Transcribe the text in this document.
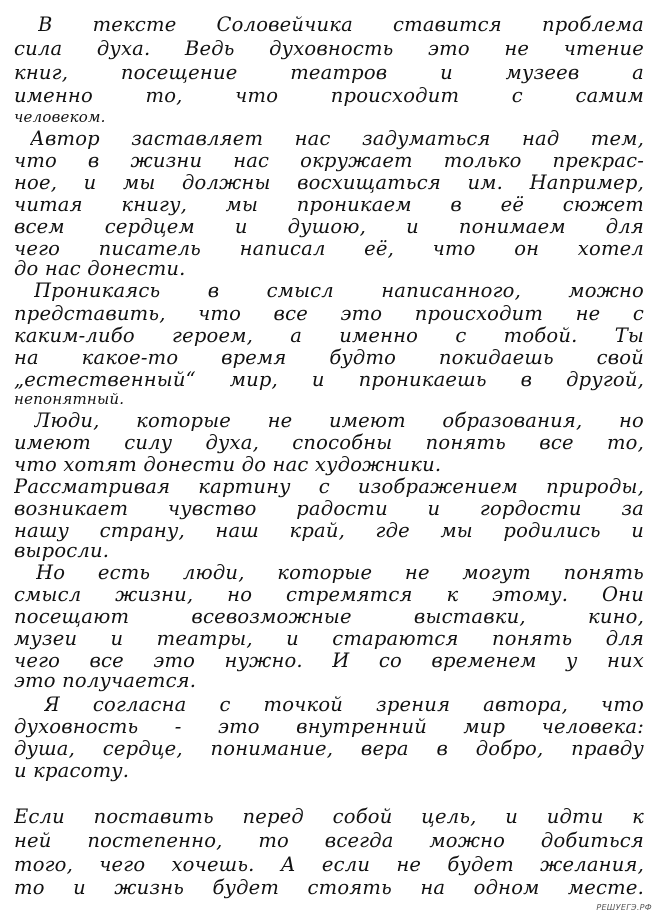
В тексте Соловейчика ставится проблема
сила духа. Ведь духовность это не чтение
книг, посещение театров и музеев а
именно то, что происходит с самим
человеком.
Автор заставляет нас задуматься над тем,
что в жизни нас окружает только прекрас-
ное, и мы должны восхищаться им. Например,
читая книгу, мы проникаем в её сюжет
всем сердцем и душою, и понимаем для
чего писатель написал её, что он хотел
до нас донести.
Проникаясь в смысл написанного, можно
представить, что все это происходит не с
каким-либо героем, а именно с тобой. Ты
на какое-то время будто покидаешь свой
„естественный“ мир, и проникаешь в другой,
непонятный.
Люди, которые не имеют образования, но
имеют силу духа, способны понять все то,
что хотят донести до нас художники.
Рассматривая картину с изображением природы,
возникает чувство радости и гордости за
нашу страну, наш край, где мы родились и
выросли.
Но есть люди, которые не могут понять
смысл жизни, но стремятся к этому. Они
посещают всевозможные выставки, кино,
музеи и театры, и стараются понять для
чего все это нужно. И со временем у них
это получается.
Я согласна с точкой зрения автора, что
духовность - это внутренний мир человека:
душа, сердце, понимание, вера в добро, правду
и красоту.
Если поставить перед собой цель, и идти к
ней постепенно, то всегда можно добиться
того, чего хочешь. А если не будет желания,
то и жизнь будет стоять на одном месте.
РЕШУЕГЭ.РФ
